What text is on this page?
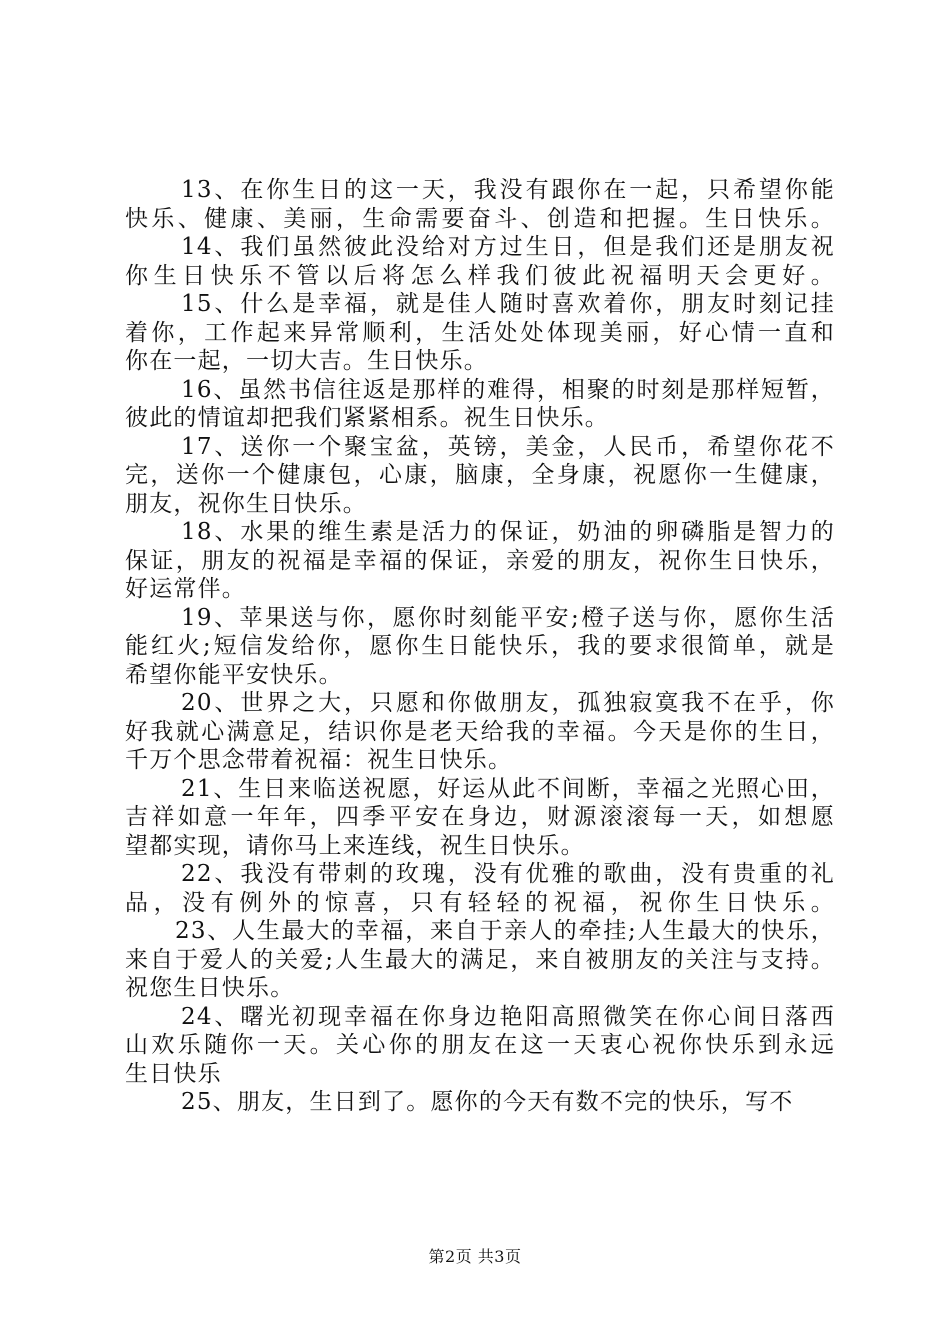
13、在你生日的这一天，我没有跟你在一起，只希望你能
快乐、健康、美丽，生命需要奋斗、创造和把握。生日快乐。
14、我们虽然彼此没给对方过生日，但是我们还是朋友祝
你生日快乐不管以后将怎么样我们彼此祝福明天会更好。
15、什么是幸福，就是佳人随时喜欢着你，朋友时刻记挂
着你，工作起来异常顺利，生活处处体现美丽，好心情一直和
你在一起，一切大吉。生日快乐。
16、虽然书信往返是那样的难得，相聚的时刻是那样短暂，
彼此的情谊却把我们紧紧相系。祝生日快乐。
17、送你一个聚宝盆，英镑，美金，人民币，希望你花不
完，送你一个健康包，心康，脑康，全身康，祝愿你一生健康，
朋友，祝你生日快乐。
18、水果的维生素是活力的保证，奶油的卵磷脂是智力的
保证，朋友的祝福是幸福的保证，亲爱的朋友，祝你生日快乐，
好运常伴。
19、苹果送与你，愿你时刻能平安;橙子送与你，愿你生活
能红火;短信发给你，愿你生日能快乐，我的要求很简单，就是
希望你能平安快乐。
20、世界之大，只愿和你做朋友，孤独寂寞我不在乎，你
好我就心满意足，结识你是老天给我的幸福。今天是你的生日，
千万个思念带着祝福：祝生日快乐。
21、生日来临送祝愿，好运从此不间断，幸福之光照心田，
吉祥如意一年年，四季平安在身边，财源滚滚每一天，如想愿
望都实现，请你马上来连线，祝生日快乐。
22、我没有带刺的玫瑰，没有优雅的歌曲，没有贵重的礼
品，没有例外的惊喜，只有轻轻的祝福，祝你生日快乐。
23、人生最大的幸福，来自于亲人的牵挂;人生最大的快乐，
来自于爱人的关爱;人生最大的满足，来自被朋友的关注与支持。
祝您生日快乐。
24、曙光初现幸福在你身边艳阳高照微笑在你心间日落西
山欢乐随你一天。关心你的朋友在这一天衷心祝你快乐到永远
生日快乐
25、朋友，生日到了。愿你的今天有数不完的快乐，写不
第2页 共3页
